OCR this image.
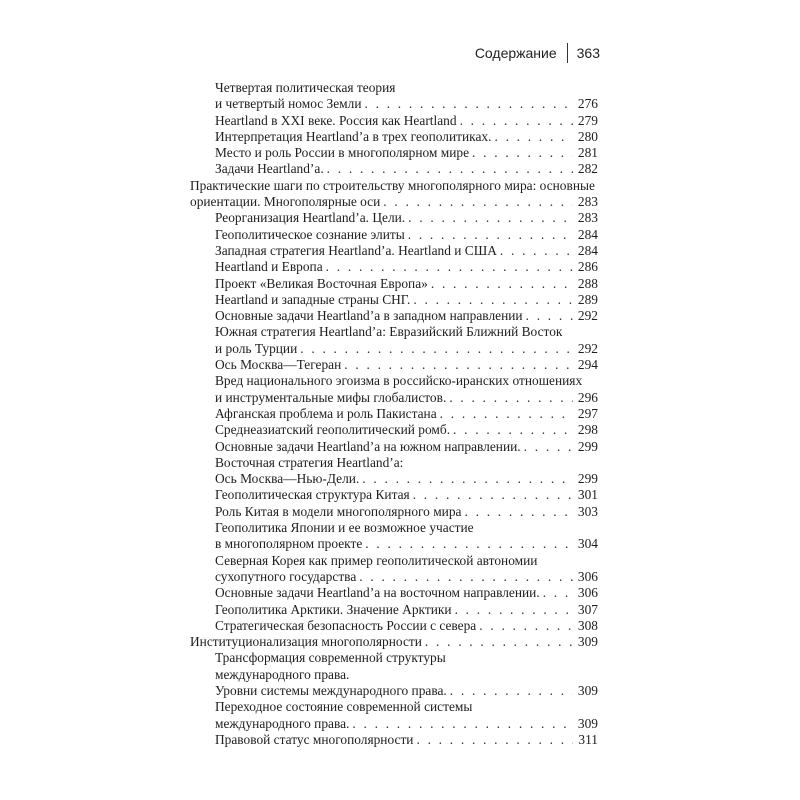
Содержание 363
Четвертая политическая теория
и четвертый номос Земли . . .	276
Heartland в XXI веке. Россия как Heartland . . .	279
Интерпретация Heartland’а в трех геополитиках. . . .	280
Место и роль России в многополярном мире . . .	281
Задачи Heartland’а. . . .	282
Практические шаги по строительству многополярного мира: основные
ориентации. Многополярные оси . . .	283
Реорганизация Heartland’а. Цели. . . .	283
Геополитическое сознание элиты . . .	284
Западная стратегия Heartland’а. Heartland и США . . .	284
Heartland и Европа . . .	286
Проект «Великая Восточная Европа» . . .	288
Heartland и западные страны СНГ. . . .	289
Основные задачи Heartland’а в западном направлении . . .	292
Южная стратегия Heartland’а: Евразийский Ближний Восток
и роль Турции . . .	292
Ось Москва—Тегеран . . .	294
Вред национального эгоизма в российско-иранских отношениях
и инструментальные мифы глобалистов. . . .	296
Афганская проблема и роль Пакистана . . .	297
Среднеазиатский геополитический ромб. . . .	298
Основные задачи Heartland’а на южном направлении. . . .	299
Восточная стратегия Heartland’а:
Ось Москва—Нью-Дели. . . .	299
Геополитическая структура Китая . . .	301
Роль Китая в модели многополярного мира . . .	303
Геополитика Японии и ее возможное участие
в многополярном проекте . . .	304
Северная Корея как пример геополитической автономии
сухопутного государства . . .	306
Основные задачи Heartland’а на восточном направлении. . . .	306
Геополитика Арктики. Значение Арктики . . .	307
Стратегическая безопасность России с севера . . .	308
Институционализация многополярности . . .	309
Трансформация современной структуры
международного права.
Уровни системы международного права. . . .	309
Переходное состояние современной системы
международного права. . . .	309
Правовой статус многополярности . . .	311
